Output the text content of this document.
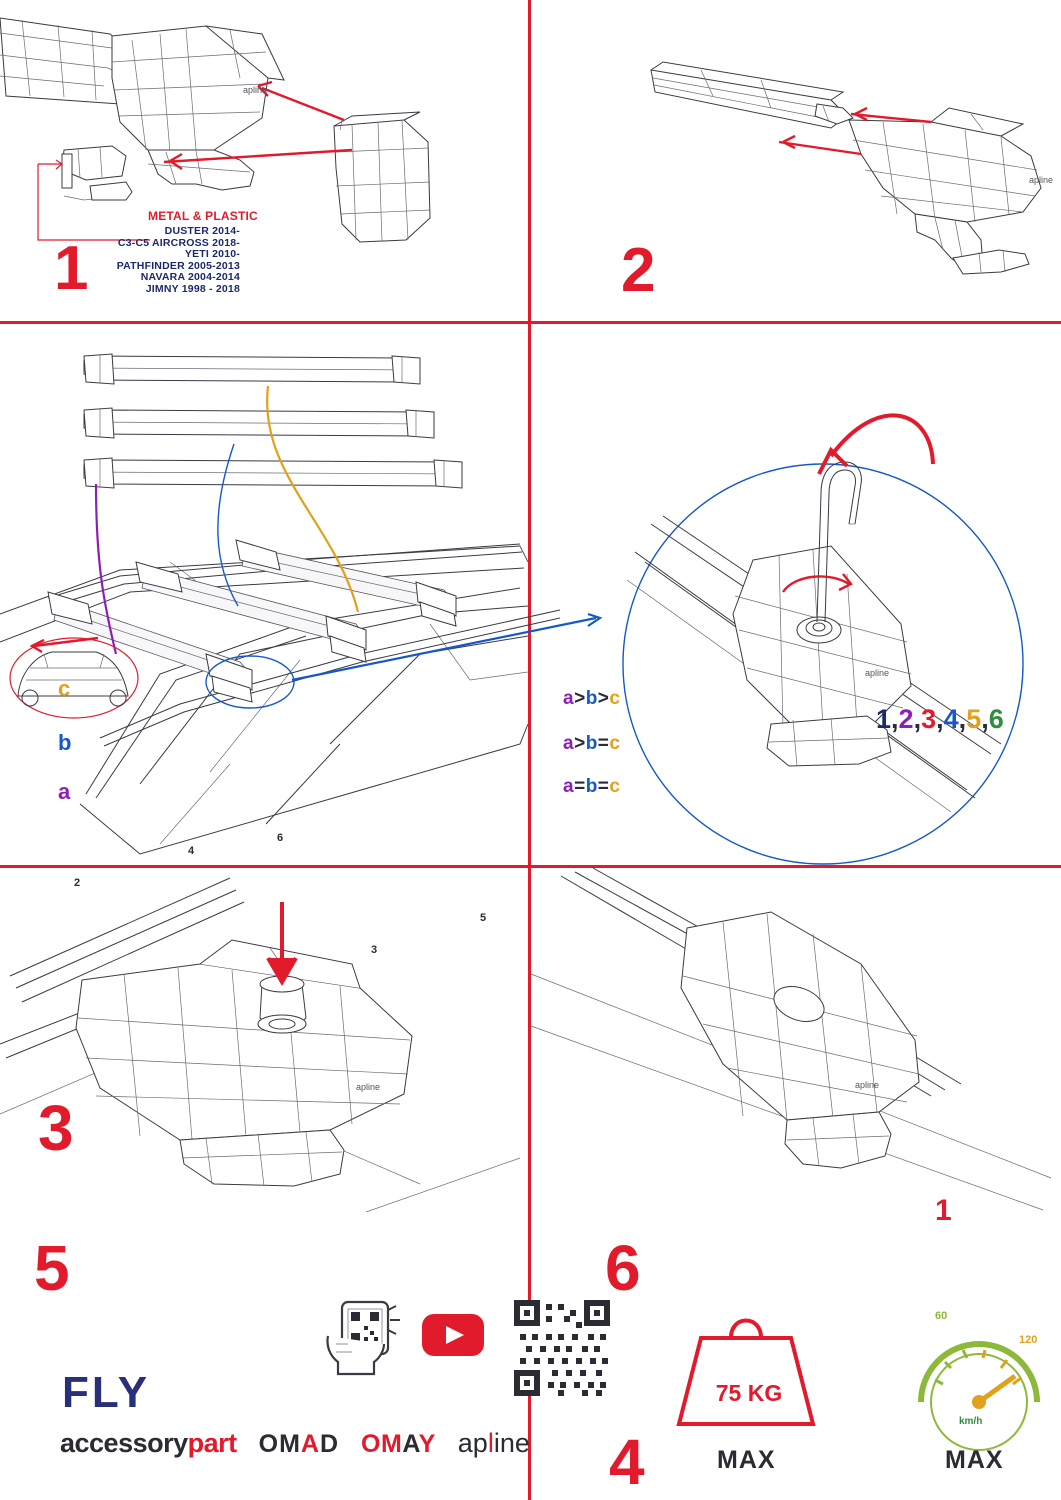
apline
METAL & PLASTIC
DUSTER 2014-
C3-C5 AIRCROSS 2018-
YETI 2010-
PATHFINDER 2005-2013
NAVARA 2004-2014
JIMNY 1998 - 2018
1
apline
2
c
b
a
a>b>c
a>b=c
a=b=c
2
4
6
3
5
3
apline
1,2,3,4,5,6
1
4
apline
5
FLY
accessorypart OMAD OMAY apline
apline
6
75 KG
MAX
60
120
km/h
MAX
